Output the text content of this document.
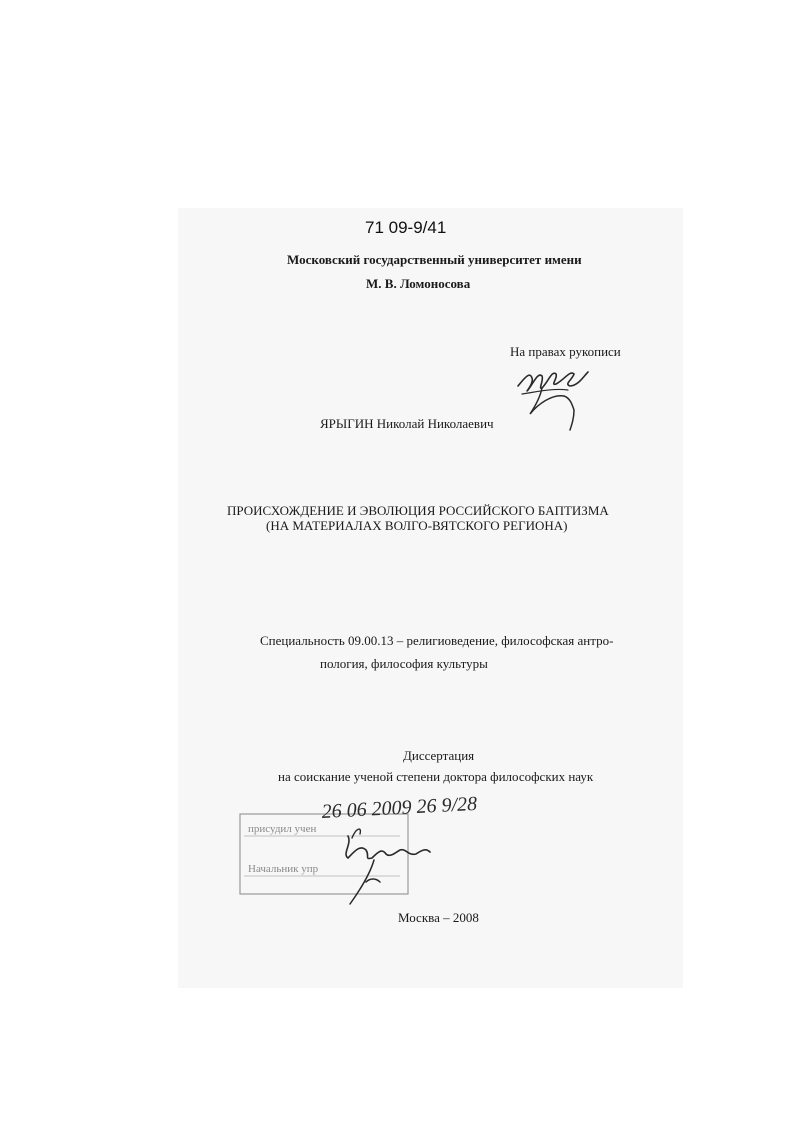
71 09-9/41

Московский государственный университет имени

М. В. Ломоносова

На правах рукописи

ЯРЫГИН Николай Николаевич

ПРОИСХОЖДЕНИЕ И ЭВОЛЮЦИЯ РОССИЙСКОГО БАПТИЗМА

(НА МАТЕРИАЛАХ ВОЛГО-ВЯТСКОГО РЕГИОНА)

Специальность 09.00.13 – религиоведение, философская антро-

пология, философия культуры

Диссертация

на соискание ученой степени доктора философских наук

присудил учен
Начальник упр
26 06 2009 26 9/28

Москва – 2008
